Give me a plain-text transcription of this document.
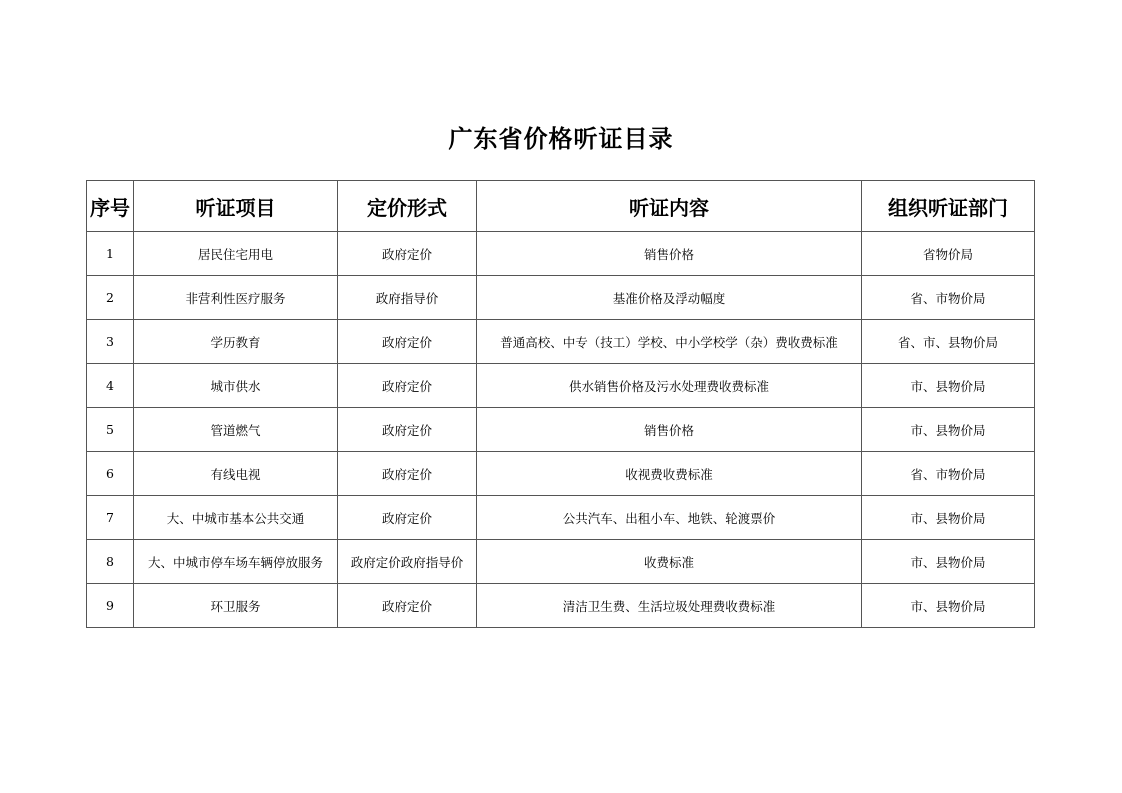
广东省价格听证目录
序号	听证项目	定价形式	听证内容	组织听证部门
1	居民住宅用电	政府定价	销售价格	省物价局
2	非营利性医疗服务	政府指导价	基准价格及浮动幅度	省、市物价局
3	学历教育	政府定价	普通高校、中专（技工）学校、中小学校学（杂）费收费标准	省、市、县物价局
4	城市供水	政府定价	供水销售价格及污水处理费收费标准	市、县物价局
5	管道燃气	政府定价	销售价格	市、县物价局
6	有线电视	政府定价	收视费收费标准	省、市物价局
7	大、中城市基本公共交通	政府定价	公共汽车、出租小车、地铁、轮渡票价	市、县物价局
8	大、中城市停车场车辆停放服务	政府定价政府指导价	收费标准	市、县物价局
9	环卫服务	政府定价	清洁卫生费、生活垃圾处理费收费标准	市、县物价局
